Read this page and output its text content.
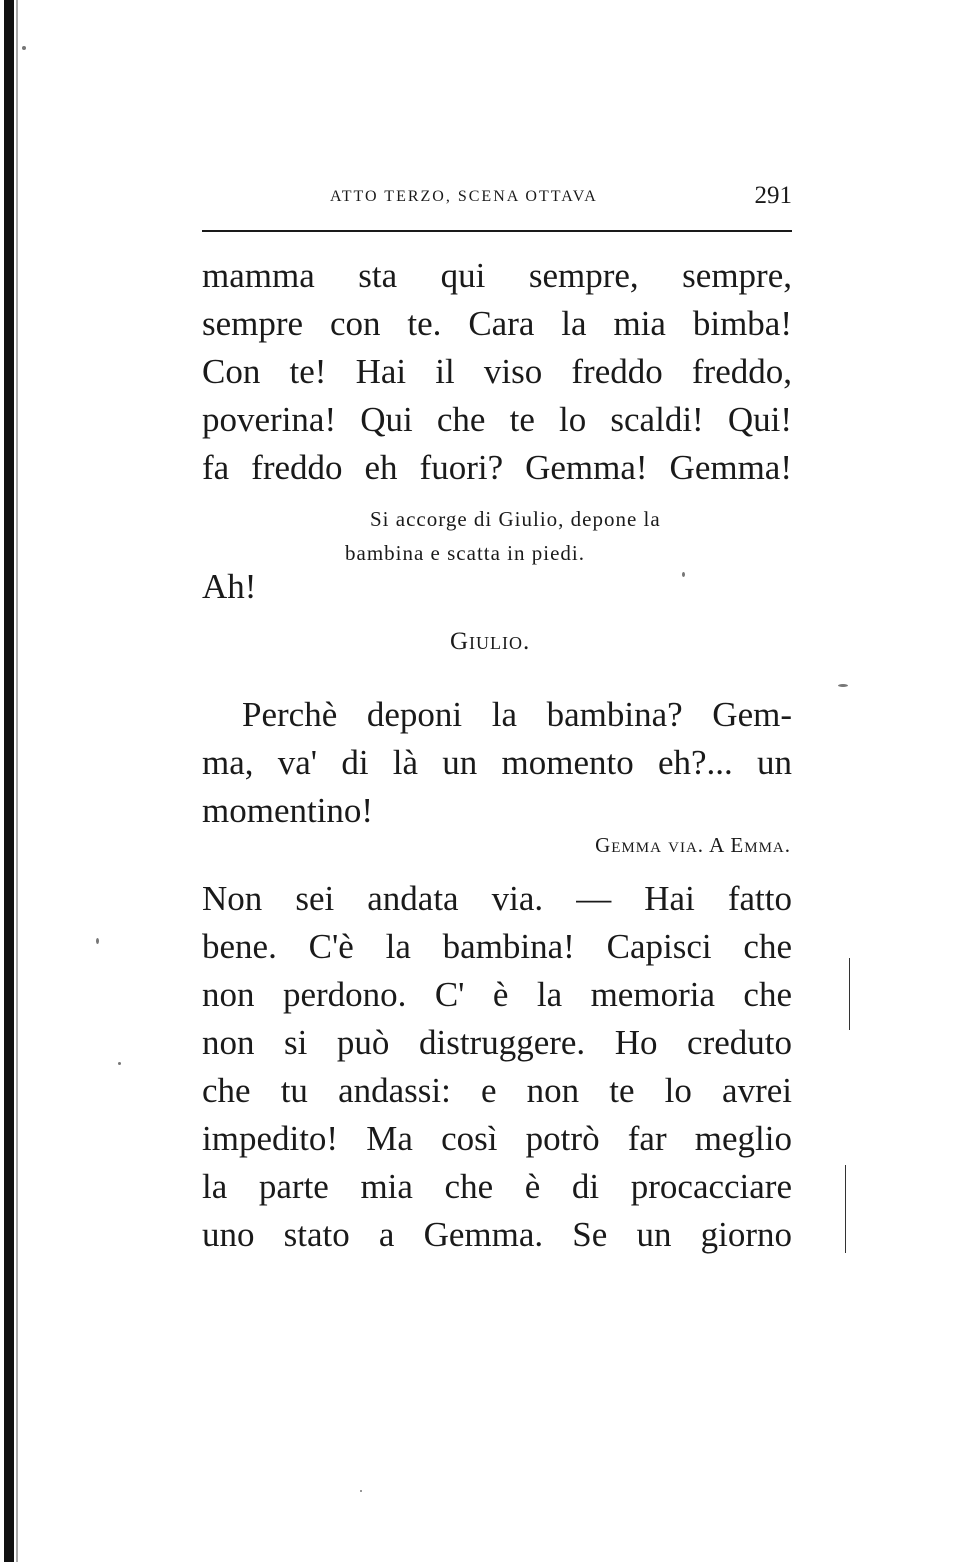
ATTO TERZO, SCENA OTTAVA	291
mamma sta qui sempre, sempre,
sempre con te. Cara la mia bimba!
Con te! Hai il viso freddo freddo,
poverina! Qui che te lo scaldi! Qui!
fa freddo eh fuori? Gemma! Gemma!
Si accorge di Giulio, depone la
bambina e scatta in piedi.
Ah!
Giulio.
Perchè deponi la bambina? Gem-
ma, va' di là un momento eh?... un
momentino!
Gemma via. A Emma.
Non sei andata via. — Hai fatto
bene. C'è la bambina! Capisci che
non perdono. C' è la memoria che
non si può distruggere. Ho creduto
che tu andassi: e non te lo avrei
impedito! Ma così potrò far meglio
la parte mia che è di procacciare
uno stato a Gemma. Se un giorno
